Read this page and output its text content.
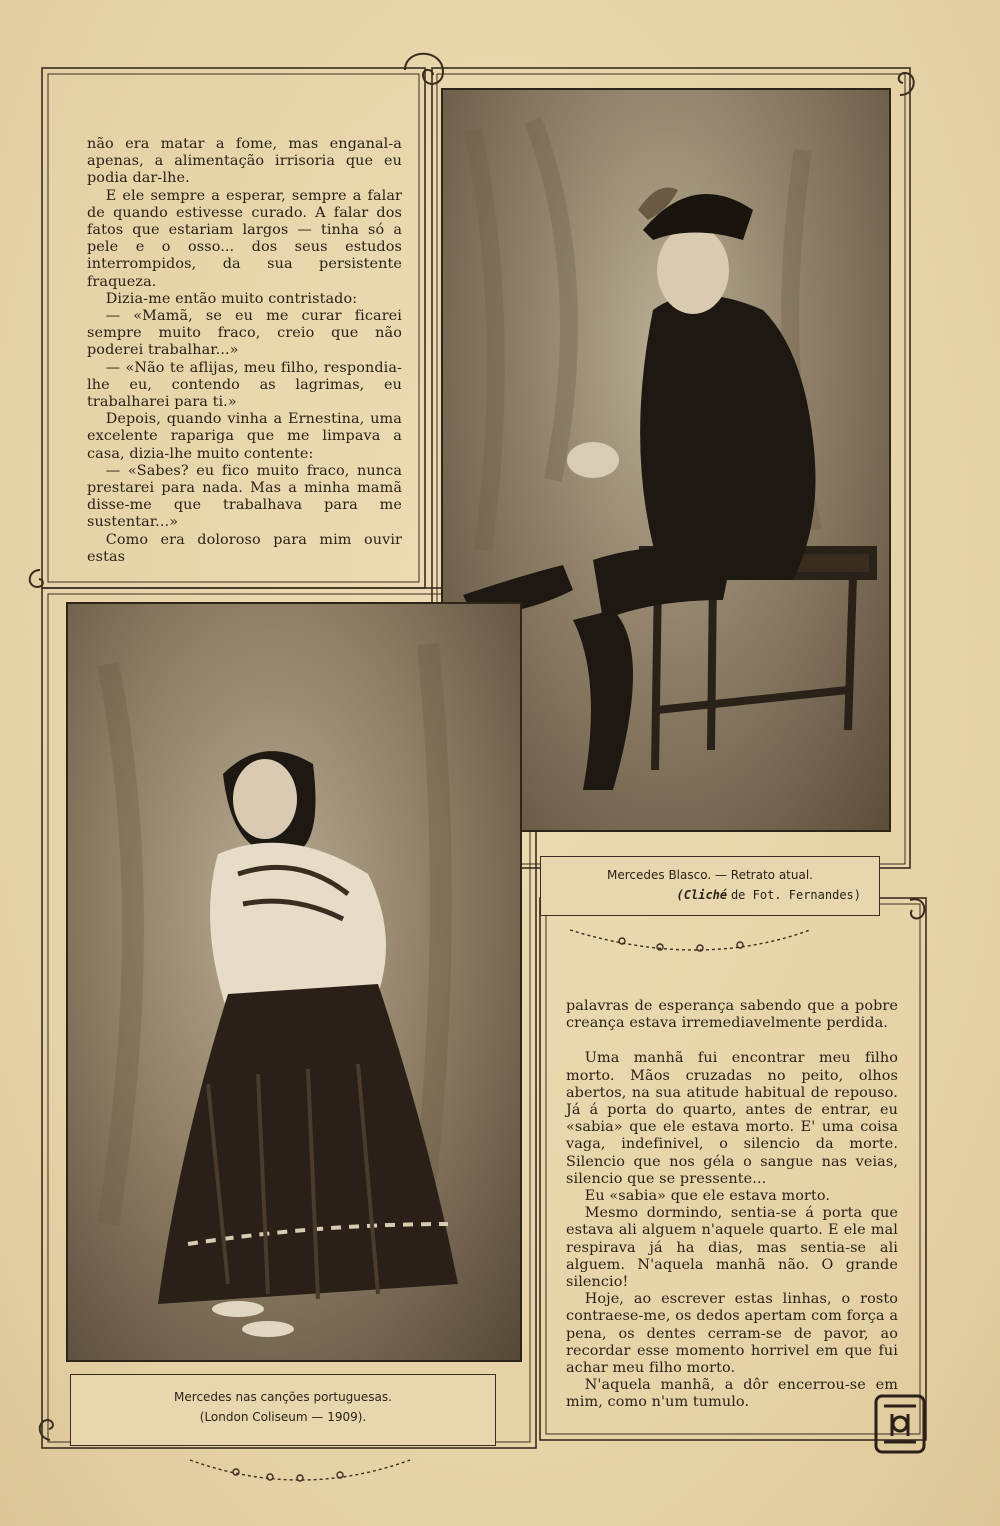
não era matar a fome, mas enganal-a apenas, a alimentação irrisoria que eu podia dar-lhe.

E ele sempre a esperar, sempre a falar de quando estivesse curado. A falar dos fatos que estariam largos — tinha só a pele e o osso... dos seus estudos interrompidos, da sua persistente fraqueza.

Dizia-me então muito contristado:

— «Mamã, se eu me curar ficarei sempre muito fraco, creio que não poderei trabalhar...»

— «Não te aflijas, meu filho, respondia-lhe eu, contendo as lagrimas, eu trabalharei para ti.»

Depois, quando vinha a Ernestina, uma excelente rapariga que me limpava a casa, dizia-lhe muito contente:

— «Sabes? eu fico muito fraco, nunca prestarei para nada. Mas a minha mamã disse-me que trabalhava para me sustentar...»

Como era doloroso para mim ouvir estas

Mercedes Blasco. — Retrato atual.
(Cliché de Fot. Fernandes)
Mercedes nas canções portuguesas.
(London Coliseum — 1909).

palavras de esperança sabendo que a pobre creança estava irremediavelmente perdida.

Uma manhã fui encontrar meu filho morto. Mãos cruzadas no peito, olhos abertos, na sua atitude habitual de repouso. Já á porta do quarto, antes de entrar, eu «sabia» que ele estava morto. E' uma coisa vaga, indefinivel, o silencio da morte. Silencio que nos géla o sangue nas veias, silencio que se pressente...

Eu «sabia» que ele estava morto.

Mesmo dormindo, sentia-se á porta que estava ali alguem n'aquele quarto. E ele mal respirava já ha dias, mas sentia-se ali alguem. N'aquela manhã não. O grande silencio!

Hoje, ao escrever estas linhas, o rosto contraese-me, os dedos apertam com força a pena, os dentes cerram-se de pavor, ao recordar esse momento horrivel em que fui achar meu filho morto.

N'aquela manhã, a dôr encerrou-se em mim, como n'um tumulo.
